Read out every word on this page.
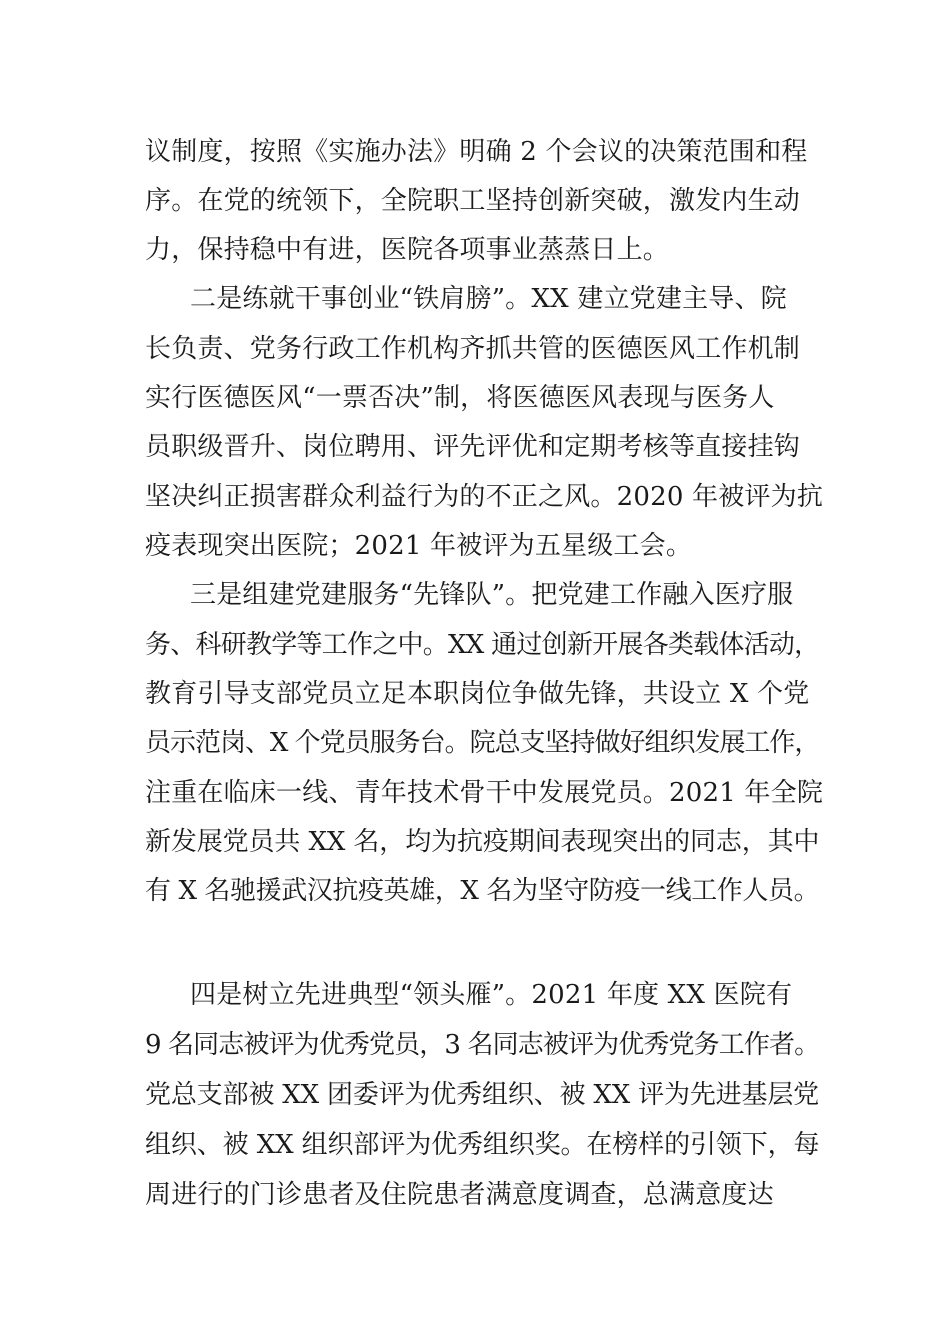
议制度，按照《实施办法》明确 2 个会议的决策范围和程
序。在党的统领下，全院职工坚持创新突破，激发内生动
力，保持稳中有进，医院各项事业蒸蒸日上。
二是练就干事创业“铁肩膀”。XX 建立党建主导、院
长负责、党务行政工作机构齐抓共管的医德医风工作机制
实行医德医风“一票否决”制，将医德医风表现与医务人
员职级晋升、岗位聘用、评先评优和定期考核等直接挂钩
坚决纠正损害群众利益行为的不正之风。2020 年被评为抗
疫表现突出医院；2021 年被评为五星级工会。
三是组建党建服务“先锋队”。把党建工作融入医疗服
务、科研教学等工作之中。XX 通过创新开展各类载体活动，
教育引导支部党员立足本职岗位争做先锋，共设立 X 个党
员示范岗、X 个党员服务台。院总支坚持做好组织发展工作，
注重在临床一线、青年技术骨干中发展党员。2021 年全院
新发展党员共 XX 名，均为抗疫期间表现突出的同志，其中
有 X 名驰援武汉抗疫英雄，X 名为坚守防疫一线工作人员。
四是树立先进典型“领头雁”。2021 年度 XX 医院有
9 名同志被评为优秀党员，3 名同志被评为优秀党务工作者。
党总支部被 XX 团委评为优秀组织、被 XX 评为先进基层党
组织、被 XX 组织部评为优秀组织奖。在榜样的引领下，每
周进行的门诊患者及住院患者满意度调查，总满意度达
